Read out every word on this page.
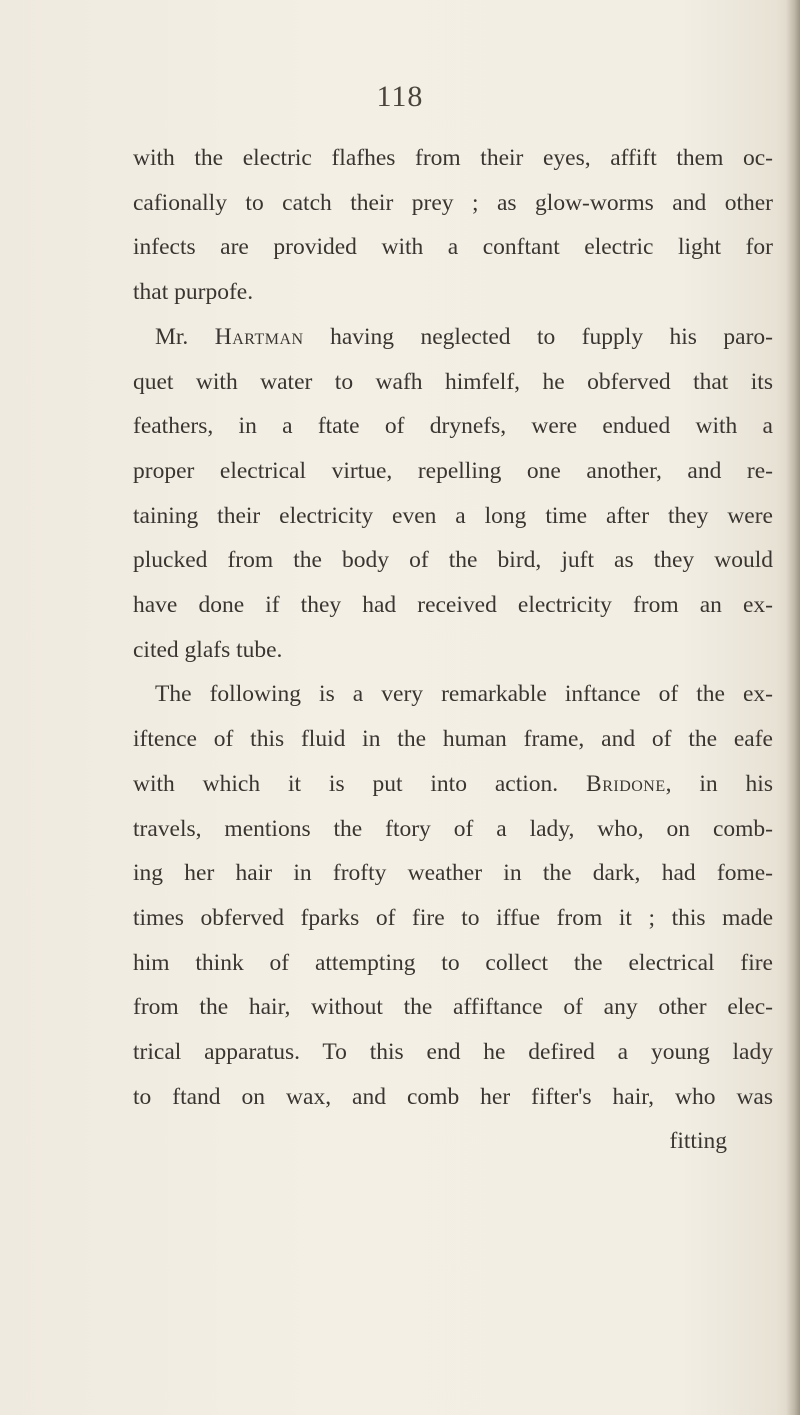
118
with the electric flafhes from their eyes, affift them oc-
cafionally to catch their prey ; as glow-worms and other
infects are provided with a conftant electric light for
that purpofe.
Mr. Hartman having neglected to fupply his paro-
quet with water to wafh himfelf, he obferved that its
feathers, in a ftate of drynefs, were endued with a
proper electrical virtue, repelling one another, and re-
taining their electricity even a long time after they were
plucked from the body of the bird, juft as they would
have done if they had received electricity from an ex-
cited glafs tube.
The following is a very remarkable inftance of the ex-
iftence of this fluid in the human frame, and of the eafe
with which it is put into action. Bridone, in his
travels, mentions the ftory of a lady, who, on comb-
ing her hair in frofty weather in the dark, had fome-
times obferved fparks of fire to iffue from it ; this made
him think of attempting to collect the electrical fire
from the hair, without the affiftance of any other elec-
trical apparatus. To this end he defired a young lady
to ftand on wax, and comb her fifter's hair, who was
fitting
